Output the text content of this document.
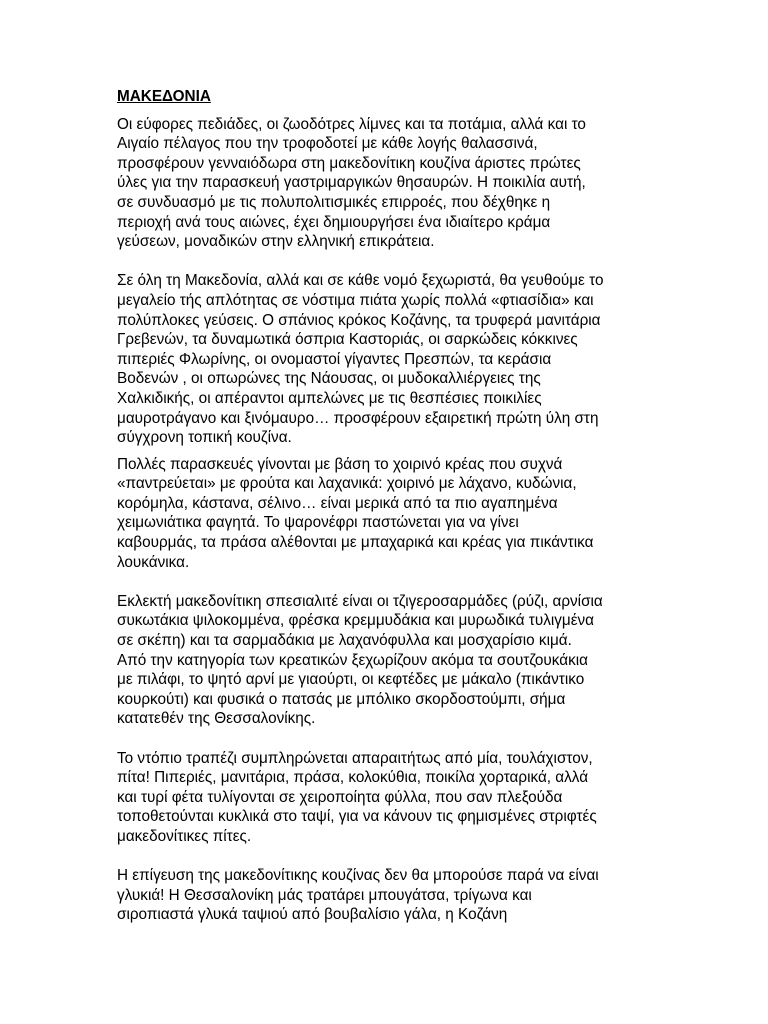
ΜΑΚΕΔΟΝΙΑ
Οι εύφορες πεδιάδες, οι ζωοδότρες λίμνες και τα ποτάμια, αλλά και το
Αιγαίο πέλαγος που την τροφοδοτεί με κάθε λογής θαλασσινά,
προσφέρουν γενναιόδωρα στη μακεδονίτικη κουζίνα άριστες πρώτες
ύλες για την παρασκευή γαστριμαργικών θησαυρών. Η ποικιλία αυτή,
σε συνδυασμό με τις πολυπολιτισμικές επιρροές, που δέχθηκε η
περιοχή ανά τους αιώνες, έχει δημιουργήσει ένα ιδιαίτερο κράμα
γεύσεων, μοναδικών στην ελληνική επικράτεια.
Σε όλη τη Μακεδονία, αλλά και σε κάθε νομό ξεχωριστά, θα γευθούμε το
μεγαλείο τής απλότητας σε νόστιμα πιάτα χωρίς πολλά «φτιασίδια» και
πολύπλοκες γεύσεις. Ο σπάνιος κρόκος Κοζάνης, τα τρυφερά μανιτάρια
Γρεβενών, τα δυναμωτικά όσπρια Καστοριάς, οι σαρκώδεις κόκκινες
πιπεριές Φλωρίνης, οι ονομαστοί γίγαντες Πρεσπών, τα κεράσια
Βοδενών , οι οπωρώνες της Νάουσας, οι μυδοκαλλιέργειες της
Χαλκιδικής, οι απέραντοι αμπελώνες με τις θεσπέσιες ποικιλίες
μαυροτράγανο και ξινόμαυρο… προσφέρουν εξαιρετική πρώτη ύλη στη
σύγχρονη τοπική κουζίνα.
Πολλές παρασκευές γίνονται με βάση το χοιρινό κρέας που συχνά
«παντρεύεται» με φρούτα και λαχανικά: χοιρινό με λάχανο, κυδώνια,
κορόμηλα, κάστανα, σέλινο… είναι μερικά από τα πιο αγαπημένα
χειμωνιάτικα φαγητά. Το ψαρονέφρι παστώνεται για να γίνει
καβουρμάς, τα πράσα αλέθονται με μπαχαρικά και κρέας για πικάντικα
λουκάνικα.
Εκλεκτή μακεδονίτικη σπεσιαλιτέ είναι οι τζιγεροσαρμάδες (ρύζι, αρνίσια
συκωτάκια ψιλοκομμένα, φρέσκα κρεμμυδάκια και μυρωδικά τυλιγμένα
σε σκέπη) και τα σαρμαδάκια με λαχανόφυλλα και μοσχαρίσιο κιμά.
Από την κατηγορία των κρεατικών ξεχωρίζουν ακόμα τα σουτζουκάκια
με πιλάφι, το ψητό αρνί με γιαούρτι, οι κεφτέδες με μάκαλο (πικάντικο
κουρκούτι) και φυσικά ο πατσάς με μπόλικο σκορδοστούμπι, σήμα
κατατεθέν της Θεσσαλονίκης.
Το ντόπιο τραπέζι συμπληρώνεται απαραιτήτως από μία, τουλάχιστον,
πίτα! Πιπεριές, μανιτάρια, πράσα, κολοκύθια, ποικίλα χορταρικά, αλλά
και τυρί φέτα τυλίγονται σε χειροποίητα φύλλα, που σαν πλεξούδα
τοποθετούνται κυκλικά στο ταψί, για να κάνουν τις φημισμένες στριφτές
μακεδονίτικες πίτες.
Η επίγευση της μακεδονίτικης κουζίνας δεν θα μπορούσε παρά να είναι
γλυκιά! Η Θεσσαλονίκη μάς τρατάρει μπουγάτσα, τρίγωνα και
σιροπιαστά γλυκά ταψιού από βουβαλίσιο γάλα, η Κοζάνη
